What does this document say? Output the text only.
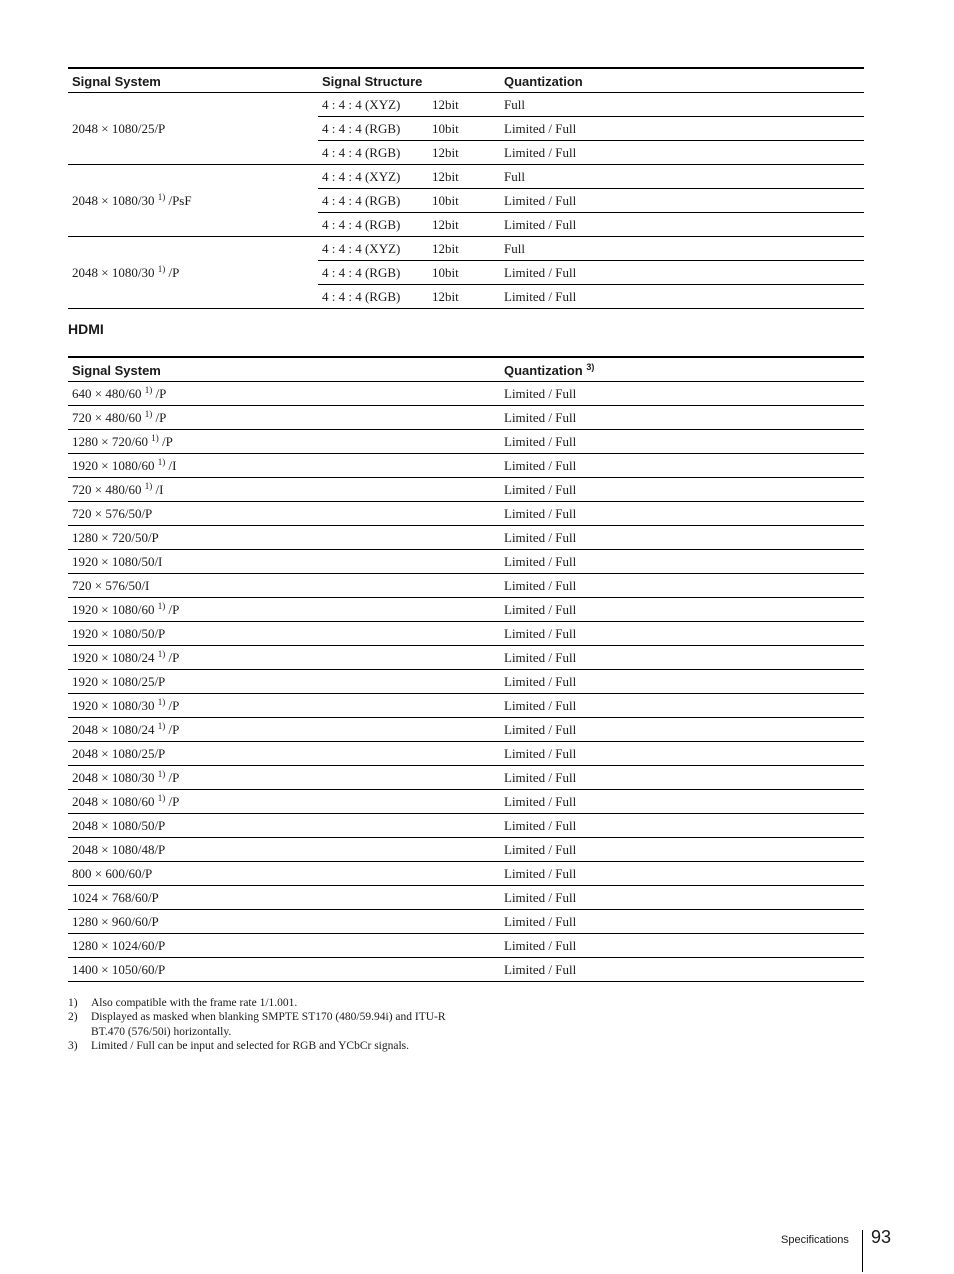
Signal System	Signal Structure		Quantization
2048 × 1080/25/P	4 : 4 : 4 (XYZ)	12bit	Full
	4 : 4 : 4 (RGB)	10bit	Limited / Full
	4 : 4 : 4 (RGB)	12bit	Limited / Full
2048 × 1080/30 $^{1)}$ /PsF	4 : 4 : 4 (XYZ)	12bit	Full
	4 : 4 : 4 (RGB)	10bit	Limited / Full
	4 : 4 : 4 (RGB)	12bit	Limited / Full
2048 × 1080/30 $^{1)}$ /P	4 : 4 : 4 (XYZ)	12bit	Full
	4 : 4 : 4 (RGB)	10bit	Limited / Full
	4 : 4 : 4 (RGB)	12bit	Limited / Full
HDMI
Signal System	Quantization $^{3)}$
640 × 480/60 $^{1)}$ /P	Limited / Full
720 × 480/60 $^{1)}$ /P	Limited / Full
1280 × 720/60 $^{1)}$ /P	Limited / Full
1920 × 1080/60 $^{1)}$ /I	Limited / Full
720 × 480/60 $^{1)}$ /I	Limited / Full
720 × 576/50/P	Limited / Full
1280 × 720/50/P	Limited / Full
1920 × 1080/50/I	Limited / Full
720 × 576/50/I	Limited / Full
1920 × 1080/60 $^{1)}$ /P	Limited / Full
1920 × 1080/50/P	Limited / Full
1920 × 1080/24 $^{1)}$ /P	Limited / Full
1920 × 1080/25/P	Limited / Full
1920 × 1080/30 $^{1)}$ /P	Limited / Full
2048 × 1080/24 $^{1)}$ /P	Limited / Full
2048 × 1080/25/P	Limited / Full
2048 × 1080/30 $^{1)}$ /P	Limited / Full
2048 × 1080/60 $^{1)}$ /P	Limited / Full
2048 × 1080/50/P	Limited / Full
2048 × 1080/48/P	Limited / Full
800 × 600/60/P	Limited / Full
1024 × 768/60/P	Limited / Full
1280 × 960/60/P	Limited / Full
1280 × 1024/60/P	Limited / Full
1400 × 1050/60/P	Limited / Full
1)	Also compatible with the frame rate 1/1.001.
2)	Displayed as masked when blanking SMPTE ST170 (480/59.94i) and ITU-R BT.470 (576/50i) horizontally.
3)	Limited / Full can be input and selected for RGB and YCbCr signals.
Specifications 93
